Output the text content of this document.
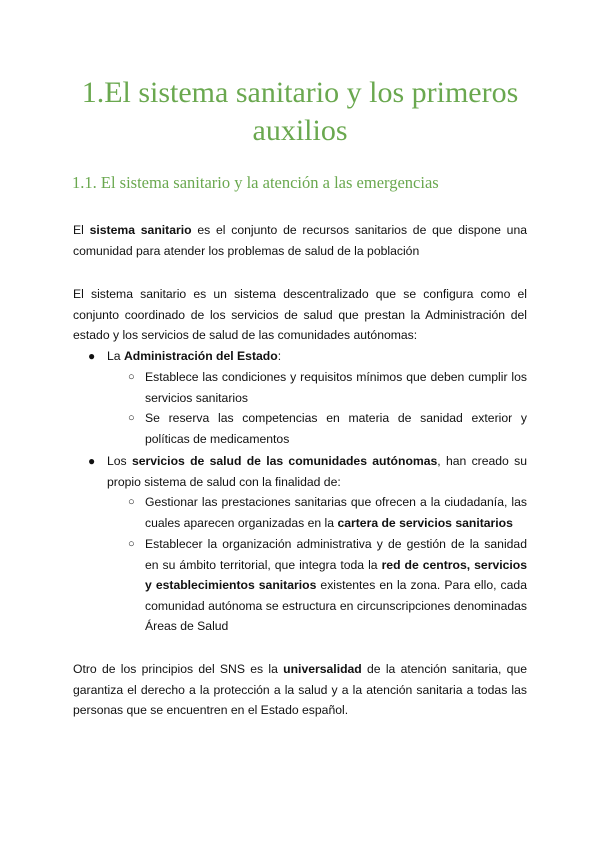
1.El sistema sanitario y los primeros auxilios
1.1. El sistema sanitario y la atención a las emergencias

El sistema sanitario es el conjunto de recursos sanitarios de que dispone una comunidad para atender los problemas de salud de la población

El sistema sanitario es un sistema descentralizado que se configura como el conjunto coordinado de los servicios de salud que prestan la Administración del estado y los servicios de salud de las comunidades autónomas:

● La Administración del Estado:

○ Establece las condiciones y requisitos mínimos que deben cumplir los servicios sanitarios

○ Se reserva las competencias en materia de sanidad exterior y políticas de medicamentos

● Los servicios de salud de las comunidades autónomas, han creado su propio sistema de salud con la finalidad de:

○ Gestionar las prestaciones sanitarias que ofrecen a la ciudadanía, las cuales aparecen organizadas en la cartera de servicios sanitarios

○ Establecer la organización administrativa y de gestión de la sanidad en su ámbito territorial, que integra toda la red de centros, servicios y establecimientos sanitarios existentes en la zona. Para ello, cada comunidad autónoma se estructura en circunscripciones denominadas Áreas de Salud

Otro de los principios del SNS es la universalidad de la atención sanitaria, que garantiza el derecho a la protección a la salud y a la atención sanitaria a todas las personas que se encuentren en el Estado español.
